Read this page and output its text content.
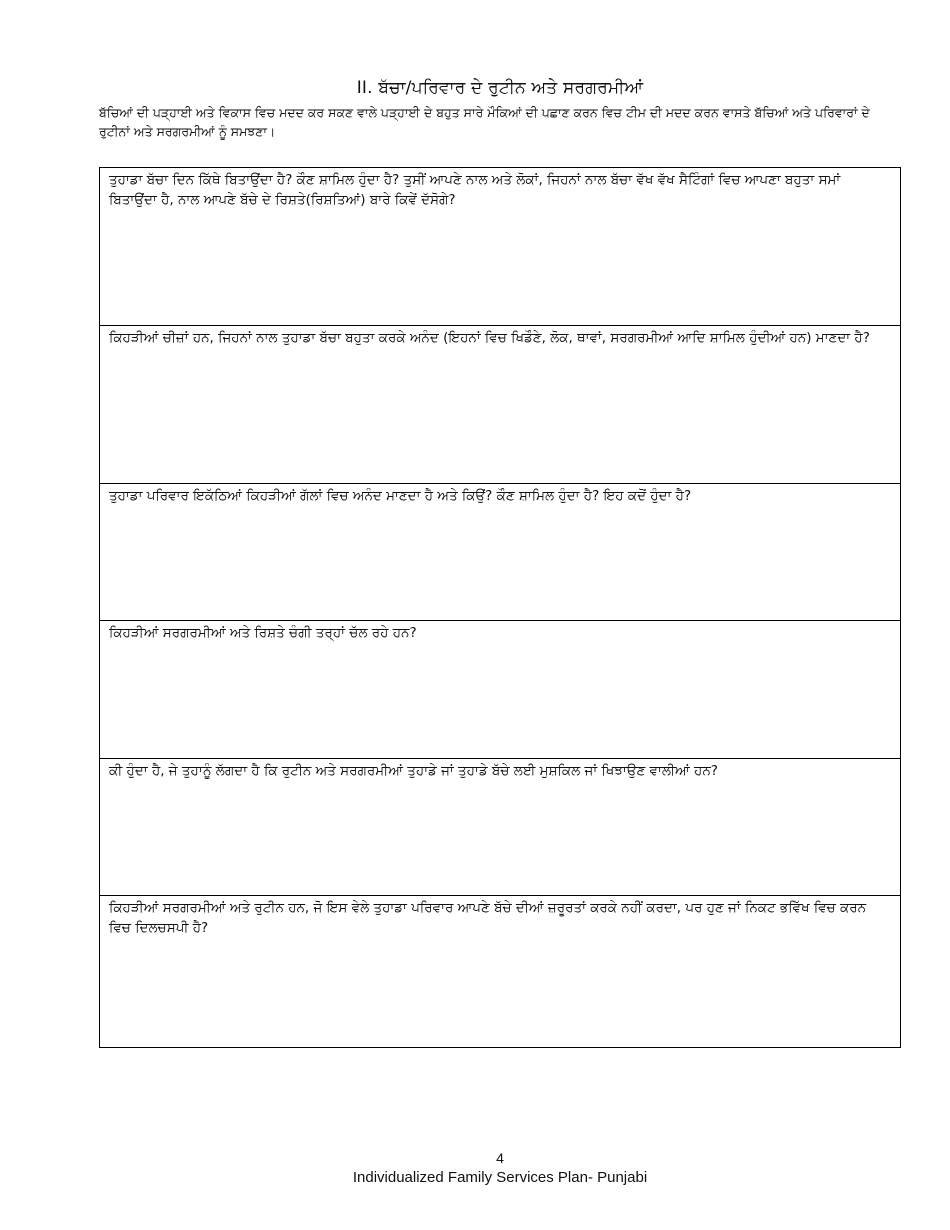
II. ਬੱਚਾ/ਪਰਿਵਾਰ ਦੇ ਰੁਟੀਨ ਅਤੇ ਸਰਗਰਮੀਆਂ
ਬੱਚਿਆਂ ਦੀ ਪੜ੍ਹਾਈ ਅਤੇ ਵਿਕਾਸ ਵਿਚ ਮਦਦ ਕਰ ਸਕਣ ਵਾਲੇ ਪੜ੍ਹਾਈ ਦੇ ਬਹੁਤ ਸਾਰੇ ਮੌਕਿਆਂ ਦੀ ਪਛਾਣ ਕਰਨ ਵਿਚ ਟੀਮ ਦੀ ਮਦਦ ਕਰਨ ਵਾਸਤੇ ਬੱਚਿਆਂ ਅਤੇ ਪਰਿਵਾਰਾਂ ਦੇ ਰੁਟੀਨਾਂ ਅਤੇ ਸਰਗਰਮੀਆਂ ਨੂੰ ਸਮਝਣਾ।
ਤੁਹਾਡਾ ਬੱਚਾ ਦਿਨ ਕਿੱਥੇ ਬਿਤਾਉਂਦਾ ਹੈ? ਕੌਣ ਸ਼ਾਮਿਲ ਹੁੰਦਾ ਹੈ? ਤੁਸੀਂ ਆਪਣੇ ਨਾਲ ਅਤੇ ਲੋਕਾਂ, ਜਿਹਨਾਂ ਨਾਲ ਬੱਚਾ ਵੱਖ ਵੱਖ ਸੈਟਿੰਗਾਂ ਵਿਚ ਆਪਣਾ ਬਹੁਤਾ ਸਮਾਂ ਬਿਤਾਉਂਦਾ ਹੈ, ਨਾਲ ਆਪਣੇ ਬੱਚੇ ਦੇ ਰਿਸ਼ਤੇ(ਰਿਸ਼ਤਿਆਂ) ਬਾਰੇ ਕਿਵੇਂ ਦੱਸੋਗੇ?
ਕਿਹੜੀਆਂ ਚੀਜ਼ਾਂ ਹਨ, ਜਿਹਨਾਂ ਨਾਲ ਤੁਹਾਡਾ ਬੱਚਾ ਬਹੁਤਾ ਕਰਕੇ ਅਨੰਦ (ਇਹਨਾਂ ਵਿਚ ਖਿਡੌਣੇ, ਲੋਕ, ਥਾਵਾਂ, ਸਰਗਰਮੀਆਂ ਆਦਿ ਸ਼ਾਮਿਲ ਹੁੰਦੀਆਂ ਹਨ) ਮਾਣਦਾ ਹੈ?
ਤੁਹਾਡਾ ਪਰਿਵਾਰ ਇਕੱਠਿਆਂ ਕਿਹੜੀਆਂ ਗੱਲਾਂ ਵਿਚ ਅਨੰਦ ਮਾਣਦਾ ਹੈ ਅਤੇ ਕਿਉਂ? ਕੌਣ ਸ਼ਾਮਿਲ ਹੁੰਦਾ ਹੈ? ਇਹ ਕਦੋਂ ਹੁੰਦਾ ਹੈ?
ਕਿਹੜੀਆਂ ਸਰਗਰਮੀਆਂ ਅਤੇ ਰਿਸ਼ਤੇ ਚੰਗੀ ਤਰ੍ਹਾਂ ਚੱਲ ਰਹੇ ਹਨ?
ਕੀ ਹੁੰਦਾ ਹੈ, ਜੇ ਤੁਹਾਨੂੰ ਲੱਗਦਾ ਹੈ ਕਿ ਰੁਟੀਨ ਅਤੇ ਸਰਗਰਮੀਆਂ ਤੁਹਾਡੇ ਜਾਂ ਤੁਹਾਡੇ ਬੱਚੇ ਲਈ ਮੁਸ਼ਕਿਲ ਜਾਂ ਖਿਝਾਉਣ ਵਾਲੀਆਂ ਹਨ?
ਕਿਹੜੀਆਂ ਸਰਗਰਮੀਆਂ ਅਤੇ ਰੁਟੀਨ ਹਨ, ਜੋ ਇਸ ਵੇਲੇ ਤੁਹਾਡਾ ਪਰਿਵਾਰ ਆਪਣੇ ਬੱਚੇ ਦੀਆਂ ਜ਼ਰੂਰਤਾਂ ਕਰਕੇ ਨਹੀਂ ਕਰਦਾ, ਪਰ ਹੁਣ ਜਾਂ ਨਿਕਟ ਭਵਿੱਖ ਵਿਚ ਕਰਨ ਵਿਚ ਦਿਲਚਸਪੀ ਹੈ?
4
Individualized Family Services Plan- Punjabi
